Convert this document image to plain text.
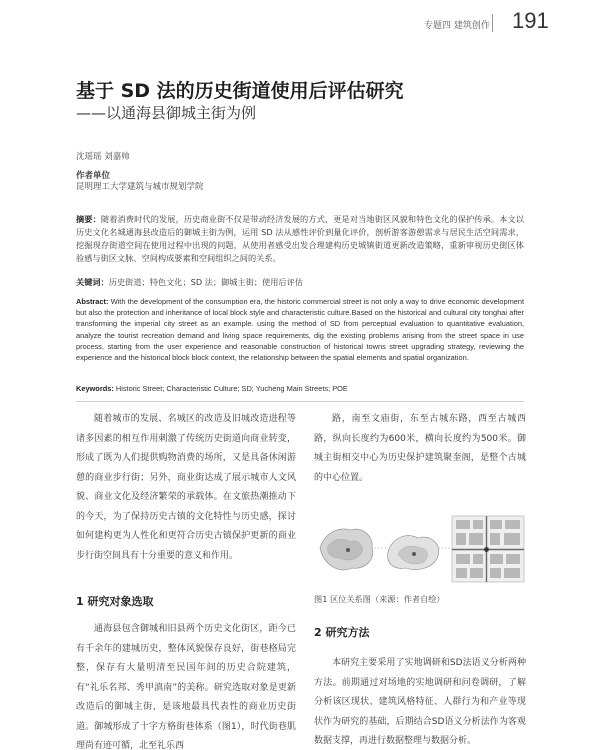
专题四 建筑创作 191
基于 SD 法的历史街道使用后评估研究
——以通海县御城主街为例
沈瑶瑶 刘嘉帅
作者单位
昆明理工大学建筑与城市规划学院
摘要：随着消费时代的发展，历史商业街不仅是带动经济发展的方式，更是对当地街区风貌和特色文化的保护传承。本文以历史文化名城通海县改造后的御城主街为例，运用 SD 法从感性评价到量化评价，剖析游客游憩需求与居民生活空间需求，挖掘现存街道空间在使用过程中出现的问题，从使用者感受出发合理建构历史城镇街道更新改造策略，重新审视历史街区体验感与街区文脉、空间构成要素和空间组织之间的关系。
关键词：历史街道；特色文化；SD 法；御城主街；使用后评估
Abstract: With the development of the consumption era, the historic commercial street is not only a way to drive economic development but also the protection and inheritance of local block style and characteristic culture.Based on the historical and cultural city tonghai after transforming the imperial city street as an example. using the method of SD from perceptual evaluation to quantitative evaluation, analyze the tourist recreation demand and living space requirements, dig the existing problems arising from the street space in use process, starting from the user experience and reasonable construction of historical towns street upgrading strategy, reviewing the experience and the historical block block context, the relationship between the spatial elements and spatial organization.
Keywords: Historic Street; Characteristic Culture; SD; Yucheng Main Streets; POE

随着城市的发展、名城区的改造及旧城改造进程等诸多因素的相互作用刺激了传统历史街道向商业转变，形成了既为人们提供购物消费的场所，又是具备休闲游憩的商业步行街；另外，商业街达成了展示城市人文风貌、商业文化及经济繁荣的承载体。在文旅热潮推动下的今天，为了保持历史古镇的文化特性与历史感，探讨如何建构更为人性化和更符合历史古镇保护更新的商业步行街空间具有十分重要的意义和作用。

1 研究对象选取

通海县包含御城和旧县两个历史文化街区，距今已有千余年的建城历史，整体风貌保存良好，街巷格局完整，保存有大量明清至民国年间的历史合院建筑，有“礼乐名邦、秀甲滇南”的美称。研究选取对象是更新改造后的御城主街，是该地最具代表性的商业历史街道。御城形成了十字方格街巷体系（图1），时代街巷肌理尚有迹可循，北至礼乐西

路，南至文庙街，东至古城东路，西至古城西路，纵向长度约为600米，横向长度约为500米。御城主街相交中心为历史保护建筑聚奎阁，是整个古城的中心位置。

图1 区位关系图（来源：作者自绘）
2 研究方法

本研究主要采用了实地调研和SD法语义分析两种方法。前期通过对场地的实地调研和问卷调研，了解分析该区现状、建筑风格特征、人群行为和产业等现状作为研究的基础，后期结合SD语义分析法作为客观数据支撑，再进行数据整理与数据分析。
